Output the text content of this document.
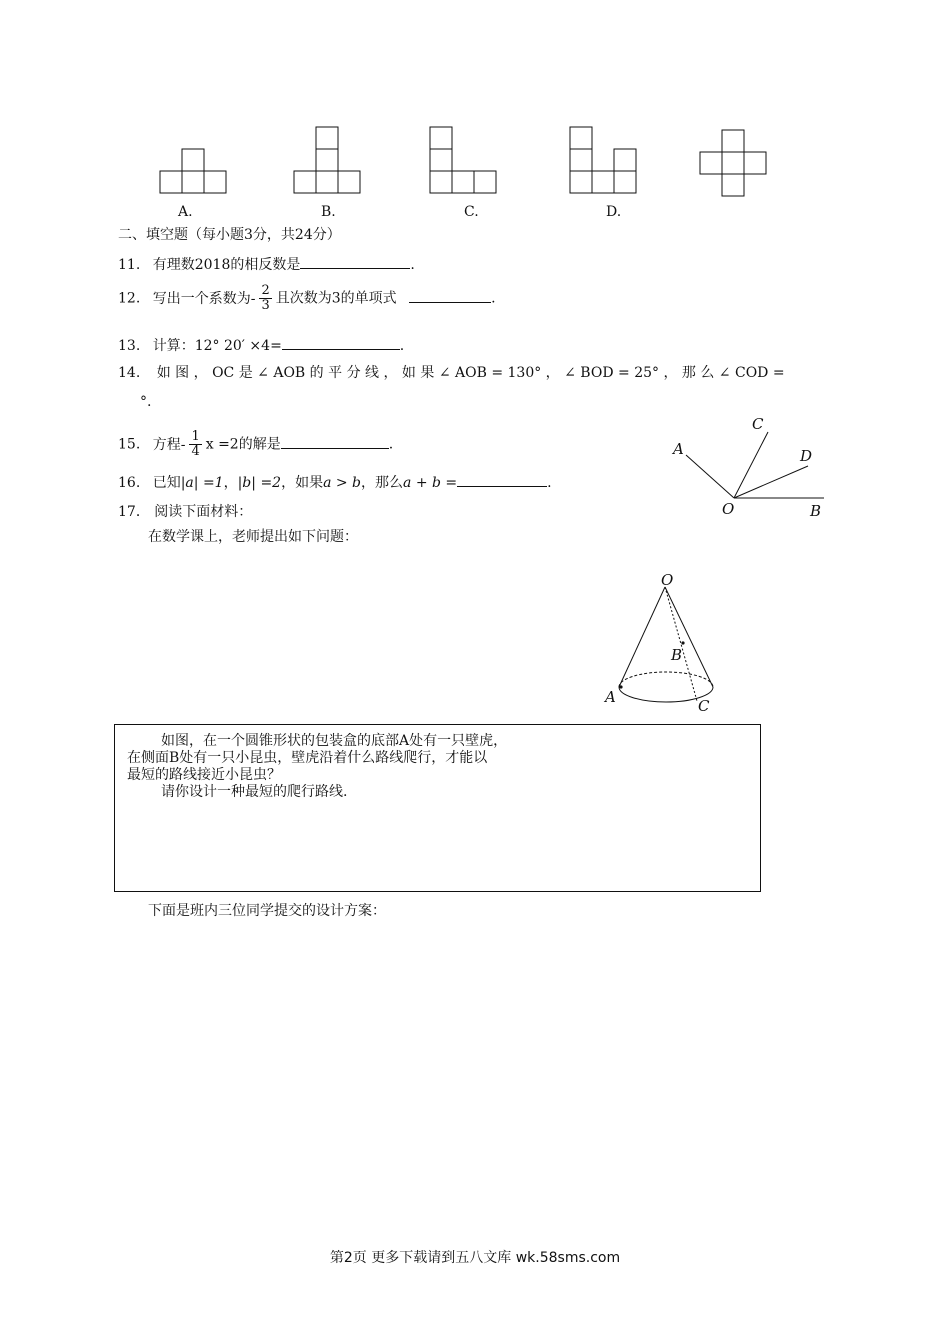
A.	B.	C.	D.
二、填空题（每小题3分，共24分）
11. 有理数2018的相反数是	.
12. 写出一个系数为- $\frac{2}{3}$ 且次数为3的单项式	.
13. 计算：12° 20′ ×4=	.
14. 如 图 ， OC 是 ∠ AOB 的 平 分 线 ， 如 果 ∠ AOB = 130° ， ∠ BOD = 25° ， 那 么 ∠ COD =
°.
15. 方程- $\frac{1}{4}$ x =2的解是	.
16. 已知|a| =1，|b| =2，如果a > b，那么a + b =	.
17． 阅读下面材料：
在数学课上，老师提出如下问题：
A
C
D
O	B
O
B
A	C
如图，在一个圆锥形状的包装盒的底部A处有一只壁虎，
在侧面B处有一只小昆虫，壁虎沿着什么路线爬行，才能以
最短的路线接近小昆虫？
请你设计一种最短的爬行路线.
下面是班内三位同学提交的设计方案：
第2页 更多下载请到五八文库 wk.58sms.com
